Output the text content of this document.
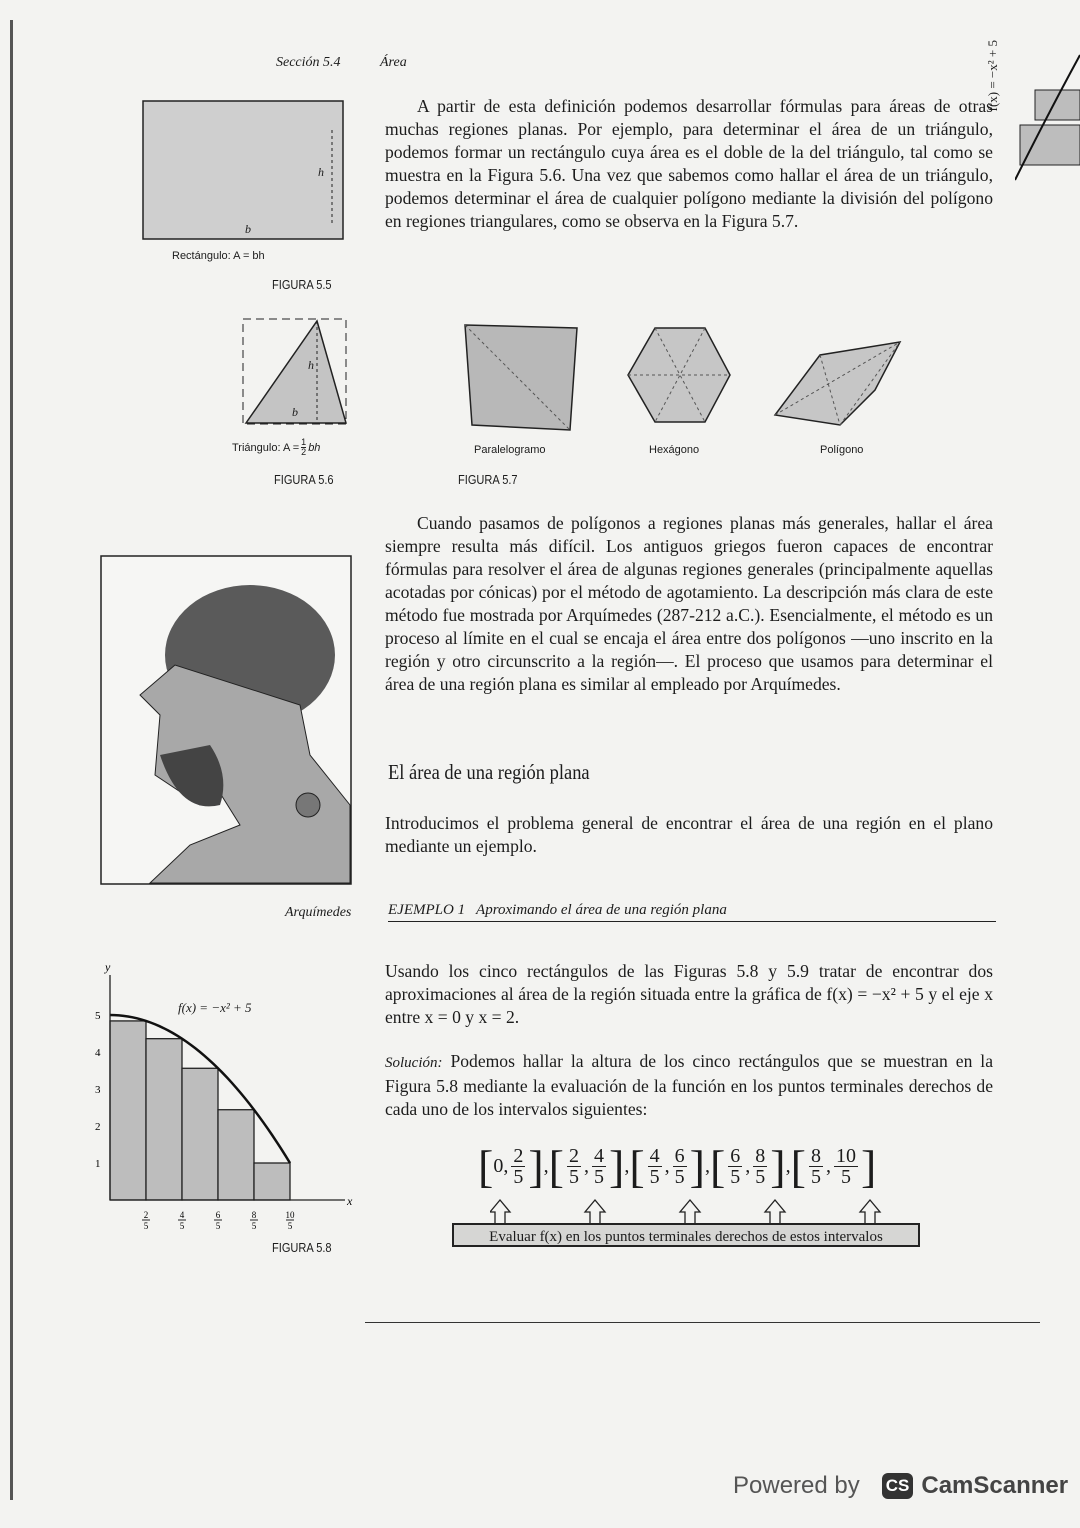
Sección 5.4	Área	f(x) = −x² + 5

A partir de esta definición podemos desarrollar fórmulas para áreas de otras muchas regiones planas. Por ejemplo, para determinar el área de un triángulo, podemos formar un rectángulo cuya área es el doble de la del triángulo, tal como se muestra en la Figura 5.6. Una vez que sabemos como hallar el área de un triángulo, podemos determinar el área de cualquier polígono mediante la división del polígono en regiones triangulares, como se observa en la Figura 5.7.

b
h
Rectángulo: A = bh
FIGURA 5.5
b
h
Triángulo: $A = \frac{1}{2}$ bh
FIGURA 5.6
Paralelogramo	Hexágono	Polígono
FIGURA 5.7

Cuando pasamos de polígonos a regiones planas más generales, hallar el área siempre resulta más difícil. Los antiguos griegos fueron capaces de encontrar fórmulas para resolver el área de algunas regiones generales (principalmente aquellas acotadas por cónicas) por el método de agotamiento. La descripción más clara de este método fue mostrada por Arquímedes (287-212 a.C.). Esencialmente, el método es un proceso al límite en el cual se encaja el área entre dos polígonos —uno inscrito en la región y otro circunscrito a la región—. El proceso que usamos para determinar el área de una región plana es similar al empleado por Arquímedes.

Arquímedes
El área de una región plana

Introducimos el problema general de encontrar el área de una región en el plano mediante un ejemplo.

EJEMPLO 1   Aproximando el área de una región plana

Usando los cinco rectángulos de las Figuras 5.8 y 5.9 tratar de encontrar dos aproximaciones al área de la región situada entre la gráfica de f(x) = −x² + 5 y el eje x entre x = 0 y x = 2.

Solución: Podemos hallar la altura de los cinco rectángulos que se muestran en la Figura 5.8 mediante la evaluación de la función en los puntos terminales derechos de cada uno de los intervalos siguientes:

[ 0 , $\frac{2}{5}$ ] , [ $\frac{2}{5}$ , $\frac{4}{5}$ ] , [ $\frac{4}{5}$ , $\frac{6}{5}$ ] , [ $\frac{6}{5}$ , $\frac{8}{5}$ ] , [ $\frac{8}{5}$ , $\frac{10}{5}$ ]
Evaluar f(x) en los puntos terminales derechos de estos intervalos
x
y
1
2
3
4
5
2
5
4
5
6
5
8
5
10
5
f(x) = −x² + 5
FIGURA 5.8
Powered by CS CamScanner
